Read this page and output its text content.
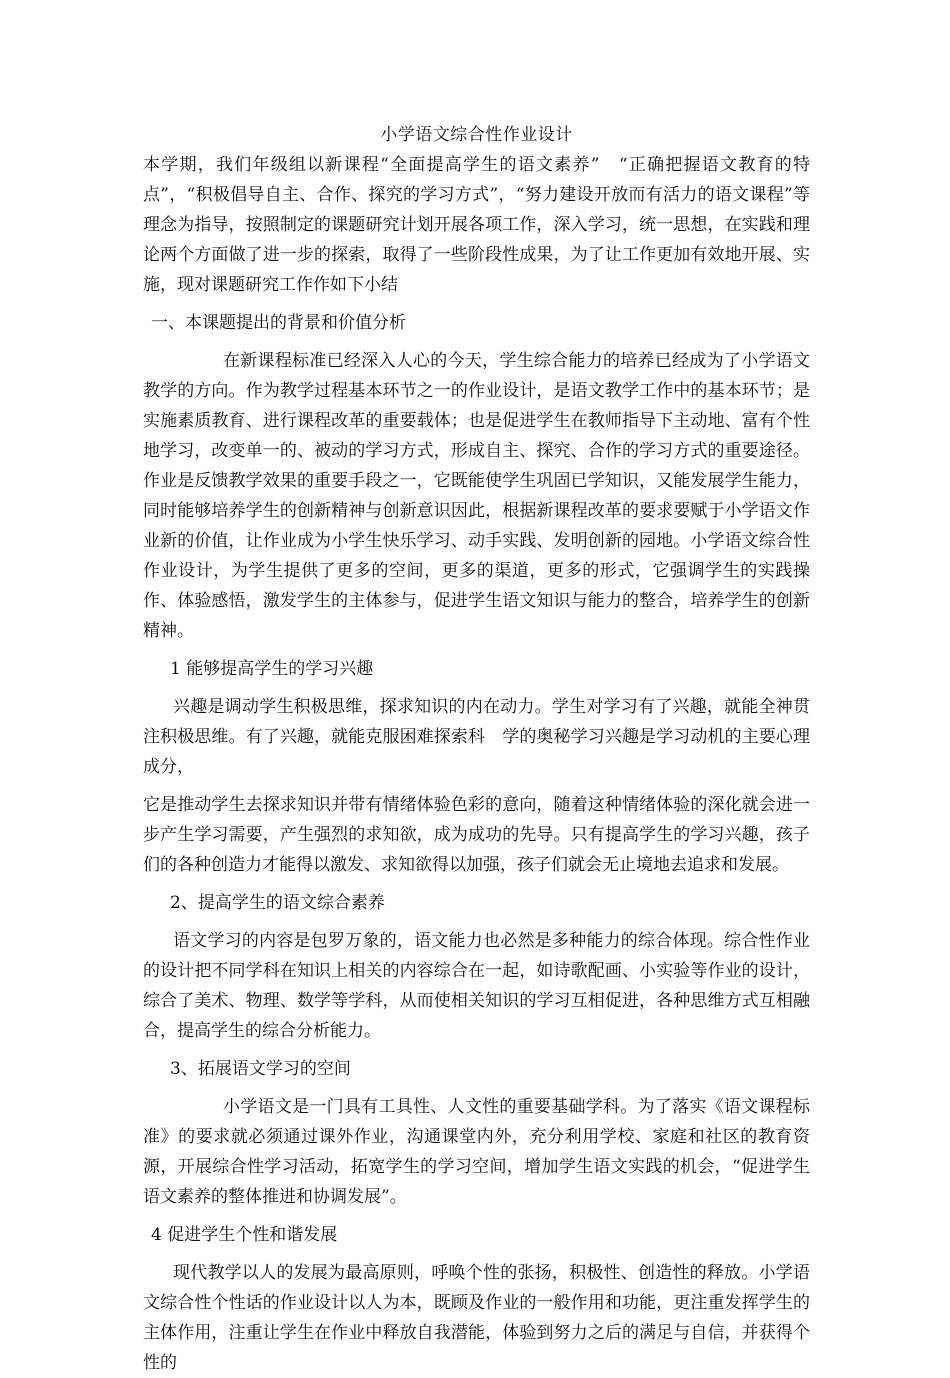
小学语文综合性作业设计

本学期，我们年级组以新课程“全面提高学生的语文素养”　“正确把握语文教育的特点”，“积极倡导自主、合作、探究的学习方式”，“努力建设开放而有活力的语文课程”等理念为指导，按照制定的课题研究计划开展各项工作，深入学习，统一思想，在实践和理论两个方面做了进一步的探索，取得了一些阶段性成果，为了让工作更加有效地开展、实施，现对课题研究工作作如下小结

一、本课题提出的背景和价值分析

在新课程标准已经深入人心的今天，学生综合能力的培养已经成为了小学语文教学的方向。作为教学过程基本环节之一的作业设计，是语文教学工作中的基本环节；是实施素质教育、进行课程改革的重要载体；也是促进学生在教师指导下主动地、富有个性地学习，改变单一的、被动的学习方式，形成自主、探究、合作的学习方式的重要途径。作业是反馈教学效果的重要手段之一，它既能使学生巩固已学知识，又能发展学生能力，同时能够培养学生的创新精神与创新意识因此，根据新课程改革的要求要赋于小学语文作业新的价值，让作业成为小学生快乐学习、动手实践、发明创新的园地。小学语文综合性作业设计，为学生提供了更多的空间，更多的渠道，更多的形式，它强调学生的实践操作、体验感悟，激发学生的主体参与，促进学生语文知识与能力的整合，培养学生的创新精神。

1 能够提高学生的学习兴趣

兴趣是调动学生积极思维，探求知识的内在动力。学生对学习有了兴趣，就能全神贯注积极思维。有了兴趣，就能克服困难探索科　学的奥秘学习兴趣是学习动机的主要心理成分，

它是推动学生去探求知识并带有情绪体验色彩的意向，随着这种情绪体验的深化就会进一步产生学习需要，产生强烈的求知欲，成为成功的先导。只有提高学生的学习兴趣，孩子们的各种创造力才能得以激发、求知欲得以加强，孩子们就会无止境地去追求和发展。

2、提高学生的语文综合素养

语文学习的内容是包罗万象的，语文能力也必然是多种能力的综合体现。综合性作业的设计把不同学科在知识上相关的内容综合在一起，如诗歌配画、小实验等作业的设计，综合了美术、物理、数学等学科，从而使相关知识的学习互相促进，各种思维方式互相融合，提高学生的综合分析能力。

3、拓展语文学习的空间

小学语文是一门具有工具性、人文性的重要基础学科。为了落实《语文课程标准》的要求就必须通过课外作业，沟通课堂内外，充分利用学校、家庭和社区的教育资源，开展综合性学习活动，拓宽学生的学习空间，增加学生语文实践的机会，“促进学生语文素养的整体推进和协调发展”。

4 促进学生个性和谐发展

现代教学以人的发展为最高原则，呼唤个性的张扬，积极性、创造性的释放。小学语文综合性个性话的作业设计以人为本，既顾及作业的一般作用和功能，更注重发挥学生的主体作用，注重让学生在作业中释放自我潜能，体验到努力之后的满足与自信，并获得个性的
